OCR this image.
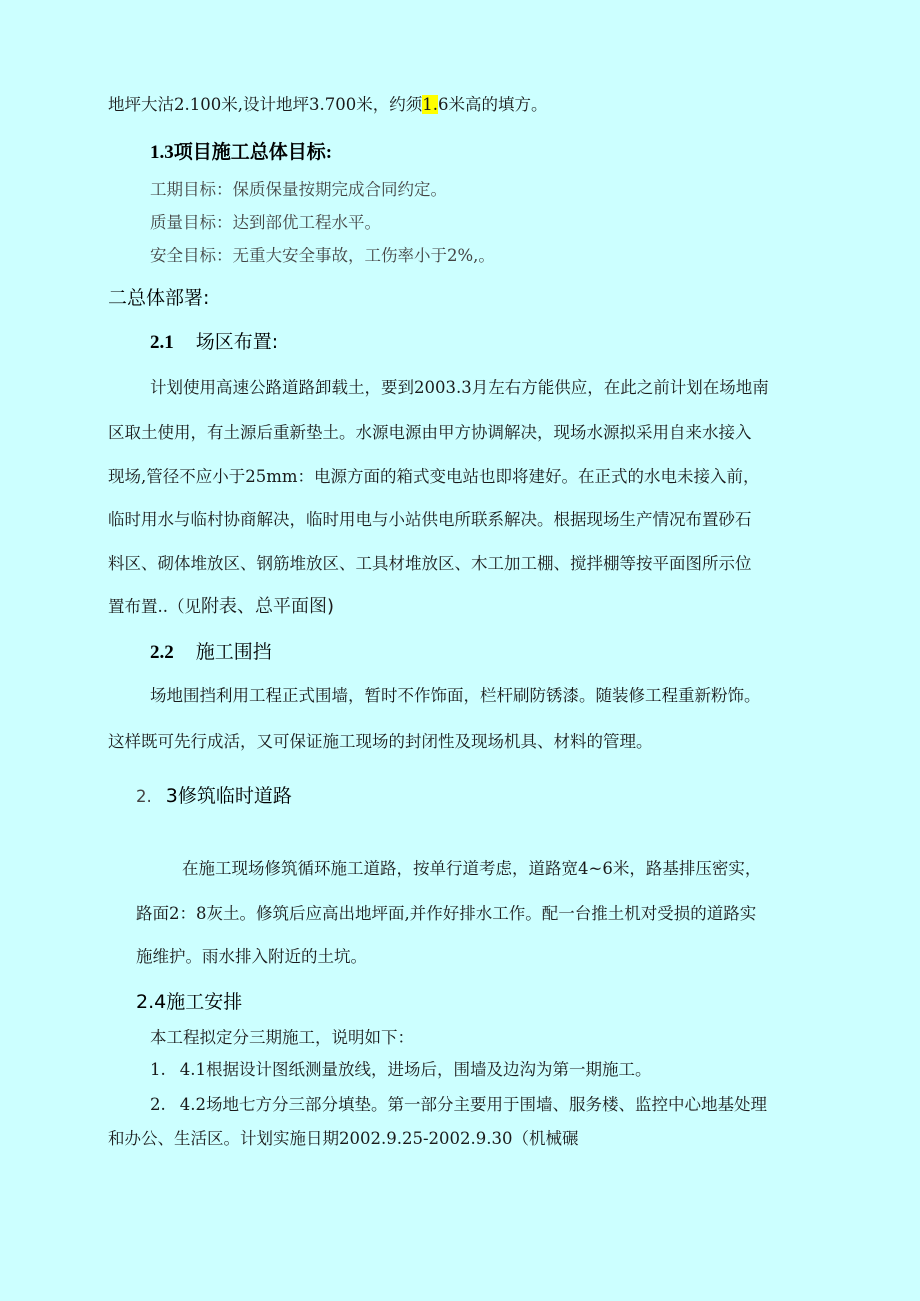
地坪大沽2.100米,设计地坪3.700米，约须1.6米高的填方。
1.3项目施工总体目标:
工期目标：保质保量按期完成合同约定。
质量目标：达到部优工程水平。
安全目标：无重大安全事故，工伤率小于2%,。
二总体部署:
2.1 场区布置:
计划使用高速公路道路卸载土，要到2003.3月左右方能供应，在此之前计划在场地南
区取土使用，有土源后重新垫土。水源电源由甲方协调解决，现场水源拟采用自来水接入
现场,管径不应小于25mm：电源方面的箱式变电站也即将建好。在正式的水电未接入前，
临时用水与临村协商解决，临时用电与小站供电所联系解决。根据现场生产情况布置砂石
料区、砌体堆放区、钢筋堆放区、工具材堆放区、木工加工棚、搅拌棚等按平面图所示位
置布置..（见附表、总平面图)
2.2 施工围挡
场地围挡利用工程正式围墙，暂时不作饰面，栏杆刷防锈漆。随装修工程重新粉饰。
这样既可先行成活，又可保证施工现场的封闭性及现场机具、材料的管理。
2. 3修筑临时道路
在施工现场修筑循环施工道路，按单行道考虑，道路宽4~6米，路基排压密实，
路面2：8灰土。修筑后应高出地坪面,并作好排水工作。配一台推土机对受损的道路实
施维护。雨水排入附近的土坑。
2.4施工安排
本工程拟定分三期施工，说明如下：
1. 4.1根据设计图纸测量放线，进场后，围墙及边沟为第一期施工。
2. 4.2场地七方分三部分填垫。第一部分主要用于围墙、服务楼、监控中心地基处理
和办公、生活区。计划实施日期2002.9.25-2002.9.30（机械碾
